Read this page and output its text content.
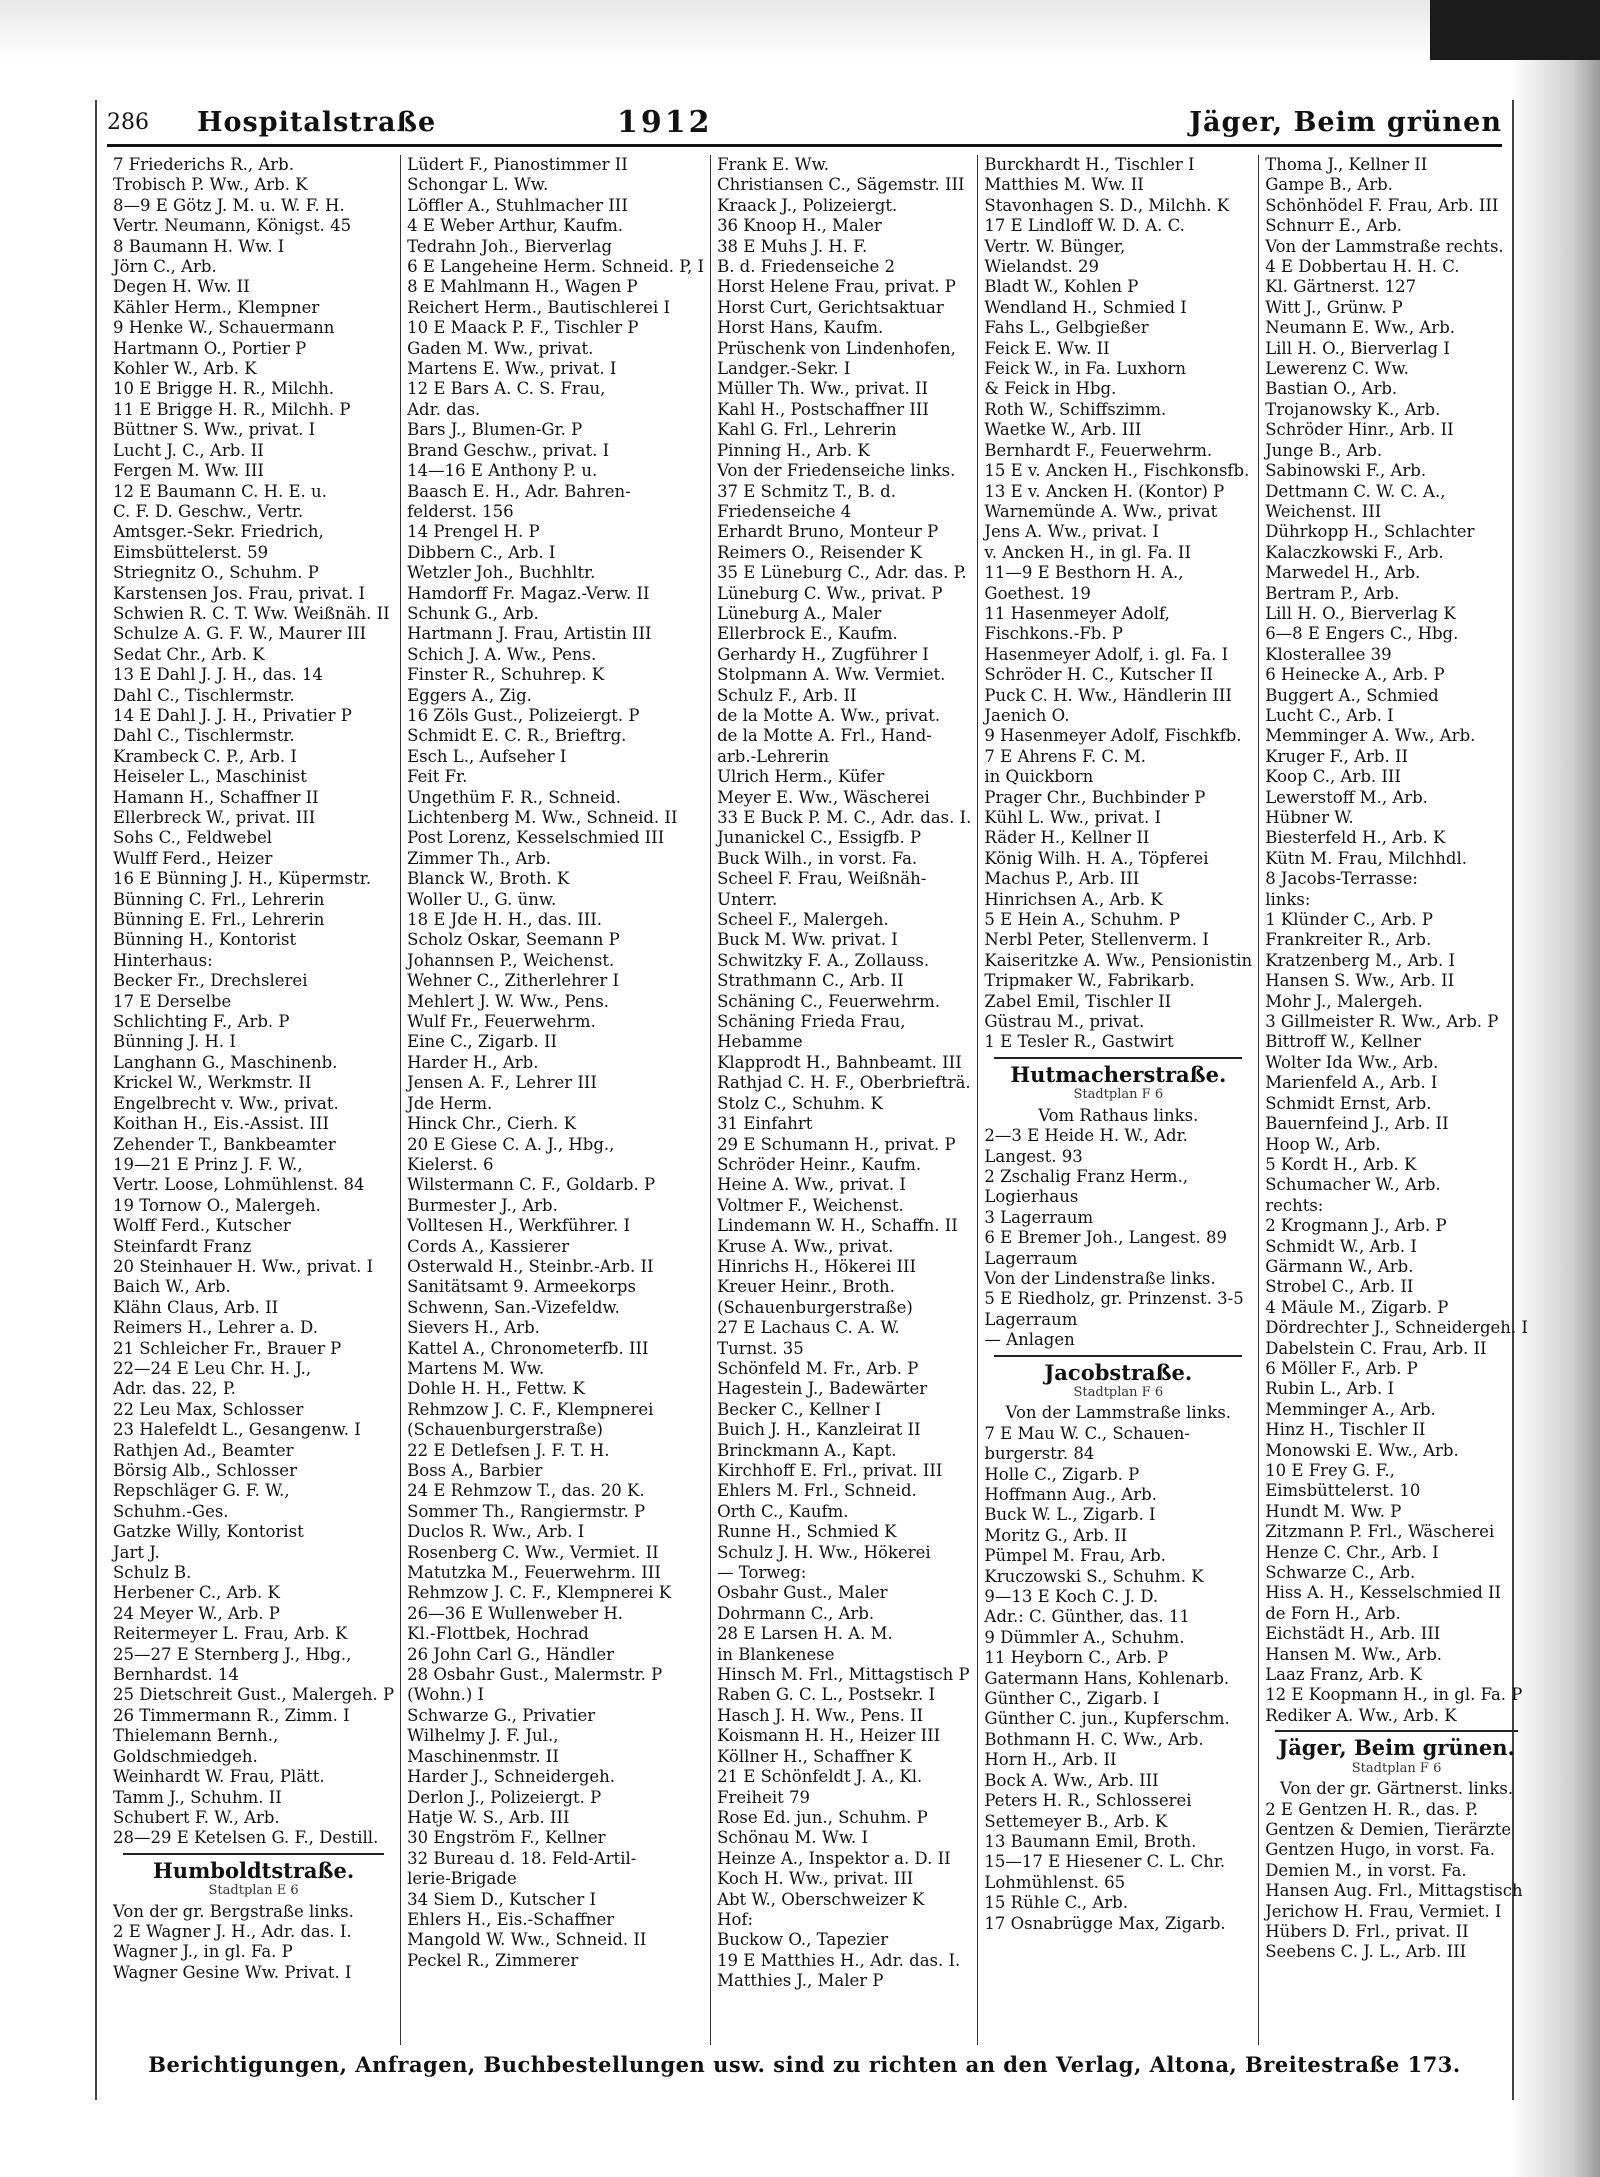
286	Hospitalstraße	1912	Jäger, Beim grünen
7 Friederichs R., Arb.
Trobisch P. Ww., Arb. K
8—9 E Götz J. M. u. W. F. H.
Vertr. Neumann, Königst. 45
8 Baumann H. Ww. I
Jörn C., Arb.
Degen H. Ww. II
Kähler Herm., Klempner
9 Henke W., Schauermann
Hartmann O., Portier P
Kohler W., Arb. K
10 E Brigge H. R., Milchh.
11 E Brigge H. R., Milchh. P
Büttner S. Ww., privat. I
Lucht J. C., Arb. II
Fergen M. Ww. III
12 E Baumann C. H. E. u.
C. F. D. Geschw., Vertr.
Amtsger.-Sekr. Friedrich,
Eimsbüttelerst. 59
Striegnitz O., Schuhm. P
Karstensen Jos. Frau, privat. I
Schwien R. C. T. Ww. Weißnäh. II
Schulze A. G. F. W., Maurer III
Sedat Chr., Arb. K
13 E Dahl J. J. H., das. 14
Dahl C., Tischlermstr.
14 E Dahl J. J. H., Privatier P
Dahl C., Tischlermstr.
Krambeck C. P., Arb. I
Heiseler L., Maschinist
Hamann H., Schaffner II
Ellerbreck W., privat. III
Sohs C., Feldwebel
Wulff Ferd., Heizer
16 E Bünning J. H., Küpermstr.
Bünning C. Frl., Lehrerin
Bünning E. Frl., Lehrerin
Bünning H., Kontorist
Hinterhaus:
Becker Fr., Drechslerei
17 E Derselbe
Schlichting F., Arb. P
Bünning J. H. I
Langhann G., Maschinenb.
Krickel W., Werkmstr. II
Engelbrecht v. Ww., privat.
Koithan H., Eis.-Assist. III
Zehender T., Bankbeamter
19—21 E Prinz J. F. W.,
Vertr. Loose, Lohmühlenst. 84
19 Tornow O., Malergeh.
Wolff Ferd., Kutscher
Steinfardt Franz
20 Steinhauer H. Ww., privat. I
Baich W., Arb.
Klähn Claus, Arb. II
Reimers H., Lehrer a. D.
21 Schleicher Fr., Brauer P
22—24 E Leu Chr. H. J.,
Adr. das. 22, P.
22 Leu Max, Schlosser
23 Halefeldt L., Gesangenw. I
Rathjen Ad., Beamter
Börsig Alb., Schlosser
Repschläger G. F. W.,
Schuhm.-Ges.
Gatzke Willy, Kontorist
Jart J.
Schulz B.
Herbener C., Arb. K
24 Meyer W., Arb. P
Reitermeyer L. Frau, Arb. K
25—27 E Sternberg J., Hbg.,
Bernhardst. 14
25 Dietschreit Gust., Malergeh. P
26 Timmermann R., Zimm. I
Thielemann Bernh.,
Goldschmiedgeh.
Weinhardt W. Frau, Plätt.
Tamm J., Schuhm. II
Schubert F. W., Arb.
28—29 E Ketelsen G. F., Destill.
Humboldtstraße.
Stadtplan E 6
Von der gr. Bergstraße links.
2 E Wagner J. H., Adr. das. I.
Wagner J., in gl. Fa. P
Wagner Gesine Ww. Privat. I
Lüdert F., Pianostimmer II
Schongar L. Ww.
Löffler A., Stuhlmacher III
4 E Weber Arthur, Kaufm.
Tedrahn Joh., Bierverlag
6 E Langeheine Herm. Schneid. P, I
8 E Mahlmann H., Wagen P
Reichert Herm., Bautischlerei I
10 E Maack P. F., Tischler P
Gaden M. Ww., privat.
Martens E. Ww., privat. I
12 E Bars A. C. S. Frau,
Adr. das.
Bars J., Blumen-Gr. P
Brand Geschw., privat. I
14—16 E Anthony P. u.
Baasch E. H., Adr. Bahren-
felderst. 156
14 Prengel H. P
Dibbern C., Arb. I
Wetzler Joh., Buchhltr.
Hamdorff Fr. Magaz.-Verw. II
Schunk G., Arb.
Hartmann J. Frau, Artistin III
Schich J. A. Ww., Pens.
Finster R., Schuhrep. K
Eggers A., Zig.
16 Zöls Gust., Polizeiergt. P
Schmidt E. C. R., Brieftrg.
Esch L., Aufseher I
Feit Fr.
Ungethüm F. R., Schneid.
Lichtenberg M. Ww., Schneid. II
Post Lorenz, Kesselschmied III
Zimmer Th., Arb.
Blanck W., Broth. K
Woller U., G. ünw.
18 E Jde H. H., das. III.
Scholz Oskar, Seemann P
Johannsen P., Weichenst.
Wehner C., Zitherlehrer I
Mehlert J. W. Ww., Pens.
Wulf Fr., Feuerwehrm.
Eine C., Zigarb. II
Harder H., Arb.
Jensen A. F., Lehrer III
Jde Herm.
Hinck Chr., Cierh. K
20 E Giese C. A. J., Hbg.,
Kielerst. 6
Wilstermann C. F., Goldarb. P
Burmester J., Arb.
Volltesen H., Werkführer. I
Cords A., Kassierer
Osterwald H., Steinbr.-Arb. II
Sanitätsamt 9. Armeekorps
Schwenn, San.-Vizefeldw.
Sievers H., Arb.
Kattel A., Chronometerfb. III
Martens M. Ww.
Dohle H. H., Fettw. K
Rehmzow J. C. F., Klempnerei
(Schauenburgerstraße)
22 E Detlefsen J. F. T. H.
Boss A., Barbier
24 E Rehmzow T., das. 20 K.
Sommer Th., Rangiermstr. P
Duclos R. Ww., Arb. I
Rosenberg C. Ww., Vermiet. II
Matutzka M., Feuerwehrm. III
Rehmzow J. C. F., Klempnerei K
26—36 E Wullenweber H.
Kl.-Flottbek, Hochrad
26 John Carl G., Händler
28 Osbahr Gust., Malermstr. P
(Wohn.) I
Schwarze G., Privatier
Wilhelmy J. F. Jul.,
Maschinenmstr. II
Harder J., Schneidergeh.
Derlon J., Polizeiergt. P
Hatje W. S., Arb. III
30 Engström F., Kellner
32 Bureau d. 18. Feld-Artil-
lerie-Brigade
34 Siem D., Kutscher I
Ehlers H., Eis.-Schaffner
Mangold W. Ww., Schneid. II
Peckel R., Zimmerer
Frank E. Ww.
Christiansen C., Sägemstr. III
Kraack J., Polizeiergt.
36 Knoop H., Maler
38 E Muhs J. H. F.
B. d. Friedenseiche 2
Horst Helene Frau, privat. P
Horst Curt, Gerichtsaktuar
Horst Hans, Kaufm.
Prüschenk von Lindenhofen,
Landger.-Sekr. I
Müller Th. Ww., privat. II
Kahl H., Postschaffner III
Kahl G. Frl., Lehrerin
Pinning H., Arb. K
Von der Friedenseiche links.
37 E Schmitz T., B. d.
Friedenseiche 4
Erhardt Bruno, Monteur P
Reimers O., Reisender K
35 E Lüneburg C., Adr. das. P.
Lüneburg C. Ww., privat. P
Lüneburg A., Maler
Ellerbrock E., Kaufm.
Gerhardy H., Zugführer I
Stolpmann A. Ww. Vermiet.
Schulz F., Arb. II
de la Motte A. Ww., privat.
de la Motte A. Frl., Hand-
arb.-Lehrerin
Ulrich Herm., Küfer
Meyer E. Ww., Wäscherei
33 E Buck P. M. C., Adr. das. I.
Junanickel C., Essigfb. P
Buck Wilh., in vorst. Fa.
Scheel F. Frau, Weißnäh-
Unterr.
Scheel F., Malergeh.
Buck M. Ww. privat. I
Schwitzky F. A., Zollauss.
Strathmann C., Arb. II
Schäning C., Feuerwehrm.
Schäning Frieda Frau,
Hebamme
Klapprodt H., Bahnbeamt. III
Rathjad C. H. F., Oberbriefträ.
Stolz C., Schuhm. K
31 Einfahrt
29 E Schumann H., privat. P
Schröder Heinr., Kaufm.
Heine A. Ww., privat. I
Voltmer F., Weichenst.
Lindemann W. H., Schaffn. II
Kruse A. Ww., privat.
Hinrichs H., Hökerei III
Kreuer Heinr., Broth.
(Schauenburgerstraße)
27 E Lachaus C. A. W.
Turnst. 35
Schönfeld M. Fr., Arb. P
Hagestein J., Badewärter
Becker C., Kellner I
Buich J. H., Kanzleirat II
Brinckmann A., Kapt.
Kirchhoff E. Frl., privat. III
Ehlers M. Frl., Schneid.
Orth C., Kaufm.
Runne H., Schmied K
Schulz J. H. Ww., Hökerei
— Torweg:
Osbahr Gust., Maler
Dohrmann C., Arb.
28 E Larsen H. A. M.
in Blankenese
Hinsch M. Frl., Mittagstisch P
Raben G. C. L., Postsekr. I
Hasch J. H. Ww., Pens. II
Koismann H. H., Heizer III
Köllner H., Schaffner K
21 E Schönfeldt J. A., Kl.
Freiheit 79
Rose Ed. jun., Schuhm. P
Schönau M. Ww. I
Heinze A., Inspektor a. D. II
Koch H. Ww., privat. III
Abt W., Oberschweizer K
Hof:
Buckow O., Tapezier
19 E Matthies H., Adr. das. I.
Matthies J., Maler P
Burckhardt H., Tischler I
Matthies M. Ww. II
Stavonhagen S. D., Milchh. K
17 E Lindloff W. D. A. C.
Vertr. W. Bünger,
Wielandst. 29
Bladt W., Kohlen P
Wendland H., Schmied I
Fahs L., Gelbgießer
Feick E. Ww. II
Feick W., in Fa. Luxhorn
& Feick in Hbg.
Roth W., Schiffszimm.
Waetke W., Arb. III
Bernhardt F., Feuerwehrm.
15 E v. Ancken H., Fischkonsfb.
13 E v. Ancken H. (Kontor) P
Warnemünde A. Ww., privat
Jens A. Ww., privat. I
v. Ancken H., in gl. Fa. II
11—9 E Besthorn H. A.,
Goethest. 19
11 Hasenmeyer Adolf,
Fischkons.-Fb. P
Hasenmeyer Adolf, i. gl. Fa. I
Schröder H. C., Kutscher II
Puck C. H. Ww., Händlerin III
Jaenich O.
9 Hasenmeyer Adolf, Fischkfb.
7 E Ahrens F. C. M.
in Quickborn
Prager Chr., Buchbinder P
Kühl L. Ww., privat. I
Räder H., Kellner II
König Wilh. H. A., Töpferei
Machus P., Arb. III
Hinrichsen A., Arb. K
5 E Hein A., Schuhm. P
Nerbl Peter, Stellenverm. I
Kaiseritzke A. Ww., Pensionistin
Tripmaker W., Fabrikarb.
Zabel Emil, Tischler II
Güstrau M., privat.
1 E Tesler R., Gastwirt
Hutmacherstraße.
Stadtplan F 6
Vom Rathaus links.
2—3 E Heide H. W., Adr.
Langest. 93
2 Zschalig Franz Herm.,
Logierhaus
3 Lagerraum
6 E Bremer Joh., Langest. 89
Lagerraum
Von der Lindenstraße links.
5 E Riedholz, gr. Prinzenst. 3-5
Lagerraum
— Anlagen
Jacobstraße.
Stadtplan F 6
Von der Lammstraße links.
7 E Mau W. C., Schauen-
burgerstr. 84
Holle C., Zigarb. P
Hoffmann Aug., Arb.
Buck W. L., Zigarb. I
Moritz G., Arb. II
Pümpel M. Frau, Arb.
Kruczowski S., Schuhm. K
9—13 E Koch C. J. D.
Adr.: C. Günther, das. 11
9 Dümmler A., Schuhm.
11 Heyborn C., Arb. P
Gatermann Hans, Kohlenarb.
Günther C., Zigarb. I
Günther C. jun., Kupferschm.
Bothmann H. C. Ww., Arb.
Horn H., Arb. II
Bock A. Ww., Arb. III
Peters H. R., Schlosserei
Settemeyer B., Arb. K
13 Baumann Emil, Broth.
15—17 E Hiesener C. L. Chr.
Lohmühlenst. 65
15 Rühle C., Arb.
17 Osnabrügge Max, Zigarb.
Thoma J., Kellner II
Gampe B., Arb.
Schönhödel F. Frau, Arb. III
Schnurr E., Arb.
Von der Lammstraße rechts.
4 E Dobbertau H. H. C.
Kl. Gärtnerst. 127
Witt J., Grünw. P
Neumann E. Ww., Arb.
Lill H. O., Bierverlag I
Lewerenz C. Ww.
Bastian O., Arb.
Trojanowsky K., Arb.
Schröder Hinr., Arb. II
Junge B., Arb.
Sabinowski F., Arb.
Dettmann C. W. C. A.,
Weichenst. III
Dührkopp H., Schlachter
Kalaczkowski F., Arb.
Marwedel H., Arb.
Bertram P., Arb.
Lill H. O., Bierverlag K
6—8 E Engers C., Hbg.
Klosterallee 39
6 Heinecke A., Arb. P
Buggert A., Schmied
Lucht C., Arb. I
Memminger A. Ww., Arb.
Kruger F., Arb. II
Koop C., Arb. III
Lewerstoff M., Arb.
Hübner W.
Biesterfeld H., Arb. K
Kütn M. Frau, Milchhdl.
8 Jacobs-Terrasse:
links:
1 Klünder C., Arb. P
Frankreiter R., Arb.
Kratzenberg M., Arb. I
Hansen S. Ww., Arb. II
Mohr J., Malergeh.
3 Gillmeister R. Ww., Arb. P
Bittroff W., Kellner
Wolter Ida Ww., Arb.
Marienfeld A., Arb. I
Schmidt Ernst, Arb.
Bauernfeind J., Arb. II
Hoop W., Arb.
5 Kordt H., Arb. K
Schumacher W., Arb.
rechts:
2 Krogmann J., Arb. P
Schmidt W., Arb. I
Gärmann W., Arb.
Strobel C., Arb. II
4 Mäule M., Zigarb. P
Dördrechter J., Schneidergeh. I
Dabelstein C. Frau, Arb. II
6 Möller F., Arb. P
Rubin L., Arb. I
Memminger A., Arb.
Hinz H., Tischler II
Monowski E. Ww., Arb.
10 E Frey G. F.,
Eimsbüttelerst. 10
Hundt M. Ww. P
Zitzmann P. Frl., Wäscherei
Henze C. Chr., Arb. I
Schwarze C., Arb.
Hiss A. H., Kesselschmied II
de Forn H., Arb.
Eichstädt H., Arb. III
Hansen M. Ww., Arb.
Laaz Franz, Arb. K
12 E Koopmann H., in gl. Fa. P
Rediker A. Ww., Arb. K
Jäger, Beim grünen.
Stadtplan F 6
Von der gr. Gärtnerst. links.
2 E Gentzen H. R., das. P.
Gentzen & Demien, Tierärzte
Gentzen Hugo, in vorst. Fa.
Demien M., in vorst. Fa.
Hansen Aug. Frl., Mittagstisch
Jerichow H. Frau, Vermiet. I
Hübers D. Frl., privat. II
Seebens C. J. L., Arb. III
Berichtigungen, Anfragen, Buchbestellungen usw. sind zu richten an den Verlag, Altona, Breitestraße 173.
